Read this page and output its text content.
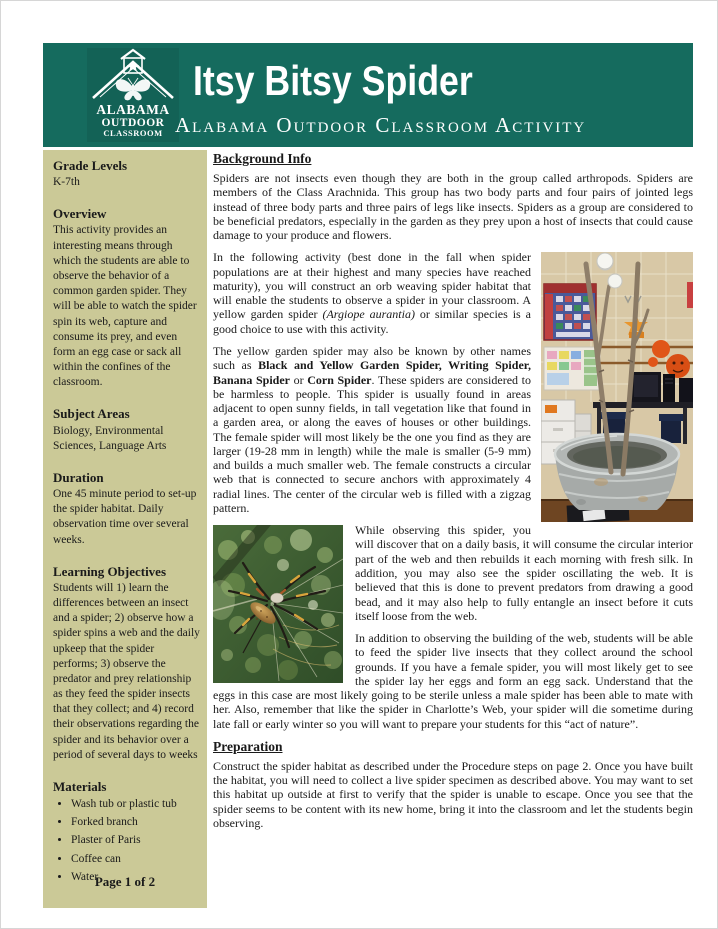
ALABAMA
OUTDOOR
CLASSROOM
Itsy Bitsy Spider
Alabama Outdoor Classroom Activity
Grade Levels

K-7th

Overview

This activity provides an interesting means through which the students are able to observe the behavior of a common garden spider. They will be able to watch the spider spin its web, capture and consume its prey, and even form an egg case or sack all within the confines of the classroom.

Subject Areas

Biology, Environmental Sciences, Language Arts

Duration

One 45 minute period to set-up the spider habitat. Daily observation time over several weeks.

Learning Objectives

Students will 1) learn the differences between an insect and a spider; 2) observe how a spider spins a web and the daily upkeep that the spider performs; 3) observe the predator and prey relationship as they feed the spider insects that they collect; and 4) record their observations regarding the spider and its behavior over a period of several days to weeks

Materials
• Wash tub or plastic tub
• Forked branch
• Plaster of Paris
• Coffee can
• Water
Page 1 of 2
Background Info

Spiders are not insects even though they are both in the group called arthropods. Spiders are members of the Class Arachnida. This group has two body parts and four pairs of jointed legs instead of three body parts and three pairs of legs like insects. Spiders as a group are considered to be beneficial predators, especially in the garden as they prey upon a host of insects that could cause damage to your produce and flowers.

In the following activity (best done in the fall when spider populations are at their highest and many species have reached maturity), you will construct an orb weaving spider habitat that will enable the students to observe a spider in your classroom. A yellow garden spider (Argiope aurantia) or similar species is a good choice to use with this activity.

The yellow garden spider may also be known by other names such as Black and Yellow Garden Spider, Writing Spider, Banana Spider or Corn Spider. These spiders are considered to be harmless to people. This spider is usually found in areas adjacent to open sunny fields, in tall vegetation like that found in a garden area, or along the eaves of houses or other buildings. The female spider will most likely be the one you find as they are larger (19-28 mm in length) while the male is smaller (5-9 mm) and builds a much smaller web. The female constructs a circular web that is connected to secure anchors with approximately 4 radial lines. The center of the circular web is filled with a zigzag pattern.

While observing this spider, you will discover that on a daily basis, it will consume the circular interior part of the web and then rebuilds it each morning with fresh silk. In addition, you may also see the spider oscillating the web. It is believed that this is done to prevent predators from drawing a good bead, and it may also help to fully entangle an insect before it cuts itself loose from the web.

In addition to observing the building of the web, students will be able to feed the spider live insects that they collect around the school grounds. If you have a female spider, you will most likely get to see the spider lay her eggs and form an egg sack. Understand that the eggs in this case are most likely going to be sterile unless a male spider has been able to mate with her. Also, remember that like the spider in Charlotte’s Web, your spider will die sometime during late fall or early winter so you will want to prepare your students for this “act of nature”.

Preparation

Construct the spider habitat as described under the Procedure steps on page 2. Once you have built the habitat, you will need to collect a live spider specimen as described above. You may want to set this habitat up outside at first to verify that the spider is unable to escape. Once you see that the spider seems to be content with its new home, bring it into the classroom and let the students begin observing.
